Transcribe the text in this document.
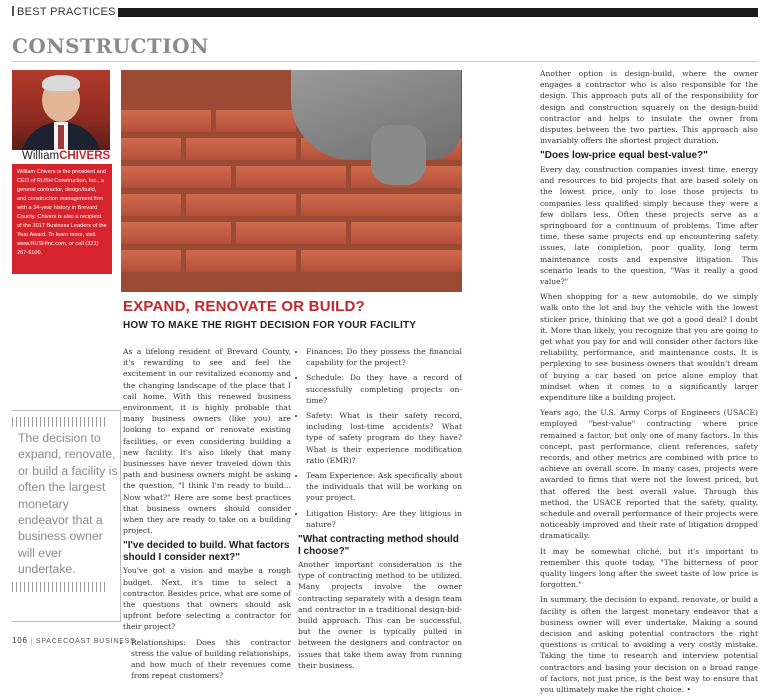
BEST PRACTICES
CONSTRUCTION
WilliamCHIVERS
William Chivers is the president and CEO of RUSH Construction, Inc., a general contractor, design/build, and construction management firm with a 34-year history in Brevard County. Chivers is also a recipient of the 2017 Business Leaders of the Year Award. To learn more, visit www.RUSHInc.com, or call (321) 267-6100.
EXPAND, RENOVATE OR BUILD?
HOW TO MAKE THE RIGHT DECISION FOR YOUR FACILITY

As a lifelong resident of Brevard County, it's rewarding to see and feel the excitement in our revitalized economy and the changing landscape of the place that I call home. With this renewed business environment, it is highly probable that many business owners (like you) are looking to expand or renovate existing facilities, or even considering building a new facility. It's also likely that many businesses have never traveled down this path and business owners might be asking the question, "I think I'm ready to build... Now what?" Here are some best practices that business owners should consider when they are ready to take on a building project.

"I've decided to build. What factors should I consider next?"

You've got a vision and maybe a rough budget. Next, it's time to select a contractor. Besides price, what are some of the questions that owners should ask upfront before selecting a contractor for their project?

• Relationships: Does this contractor stress the value of building relationships, and how much of their revenues come from repeat customers?
• Finances: Do they possess the financial capability for the project?
• Schedule: Do they have a record of successfully completing projects on-time?
• Safety: What is their safety record, including lost-time accidents? What type of safety program do they have? What is their experience modification ratio (EMR)?
• Team Experience: Ask specifically about the individuals that will be working on your project.
• Litigation History: Are they litigious in nature?
"What contracting method should I choose?"

Another important consideration is the type of contracting method to be utilized. Many projects involve the owner contracting separately with a design team and contractor in a traditional design-bid-build approach. This can be successful, but the owner is typically pulled in between the designers and contractor on issues that take them away from running their business.

Another option is design-build, where the owner engages a contractor who is also responsible for the design. This approach puts all of the responsibility for design and construction squarely on the design-build contractor and helps to insulate the owner from disputes between the two parties. This approach also invariably offers the shortest project duration.

"Does low-price equal best-value?"

Every day, construction companies invest time, energy and resources to bid projects that are based solely on the lowest price, only to lose those projects to companies less qualified simply because they were a few dollars less. Often these projects serve as a springboard for a continuum of problems. Time after time, these same projects end up encountering safety issues, late completion, poor quality, long term maintenance costs and expensive litigation. This scenario leads to the question, "Was it really a good value?"

When shopping for a new automobile, do we simply walk onto the lot and buy the vehicle with the lowest sticker price, thinking that we got a good deal? I doubt it. More than likely, you recognize that you are going to get what you pay for and will consider other factors like reliability, performance, and maintenance costs. It is perplexing to see business owners that wouldn't dream of buying a car based on price alone employ that mindset when it comes to a significantly larger expenditure like a building project.

Years ago, the U.S. Army Corps of Engineers (USACE) employed "best-value" contracting where price remained a factor, but only one of many factors. In this concept, past performance, client references, safety records, and other metrics are combined with price to achieve an overall score. In many cases, projects were awarded to firms that were not the lowest priced, but that offered the best overall value. Through this method, the USACE reported that the safety, quality, schedule and overall performance of their projects were noticeably improved and their rate of litigation dropped dramatically.

It may be somewhat cliché, but it's important to remember this quote today, "The bitterness of poor quality lingers long after the sweet taste of low price is forgotten."

In summary, the decision to expand, renovate, or build a facility is often the largest monetary endeavor that a business owner will ever undertake. Making a sound decision and asking potential contractors the right questions is critical to avoiding a very costly mistake. Taking the time to research and interview potential contractors and basing your decision on a broad range of factors, not just price, is the best way to ensure that you ultimately make the right choice. •

The decision to expand, renovate, or build a facility is often the largest monetary endeavor that a business owner will ever undertake.
106 | SPACECOAST BUSINESS
